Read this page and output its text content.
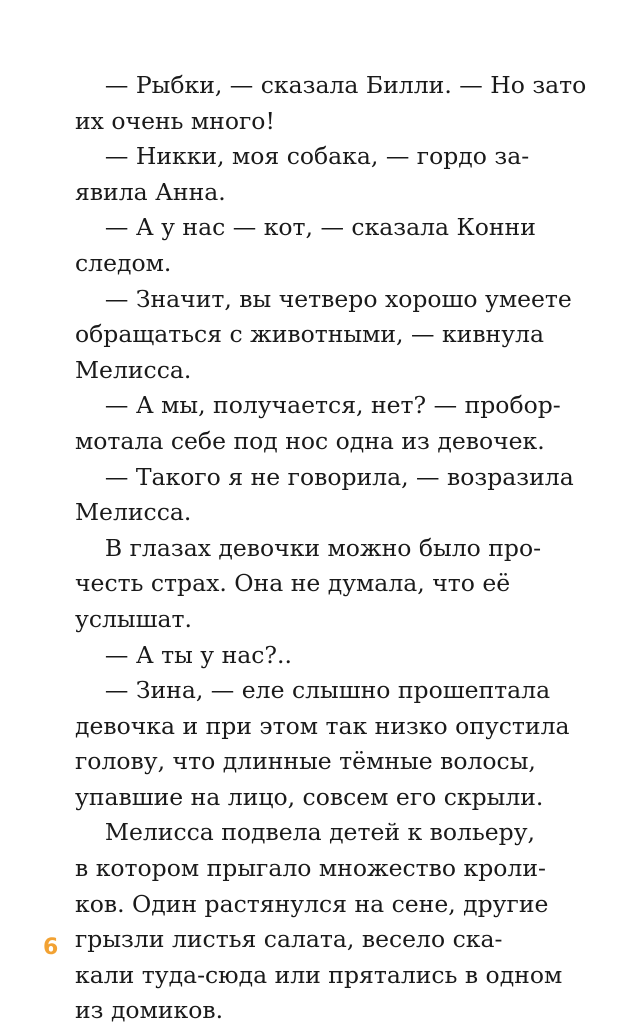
— Рыбки, — сказала Билли. — Но зато
их очень много!
— Никки, моя собака, — гордо за-
явила Анна.
— А у нас — кот, — сказала Конни
следом.
— Значит, вы четверо хорошо умеете
обращаться с животными, — кивнула
Мелисса.
— А мы, получается, нет? — пробор-
мотала себе под нос одна из девочек.
— Такого я не говорила, — возразила
Мелисса.
В глазах девочки можно было про-
честь страх. Она не думала, что её
услышат.
— А ты у нас?..
— Зина, — еле слышно прошептала
девочка и при этом так низко опустила
голову, что длинные тёмные волосы,
упавшие на лицо, совсем его скрыли.
Мелисса подвела детей к вольеру,
в котором прыгало множество кроли-
ков. Один растянулся на сене, другие
грызли листья салата, весело ска-
кали туда-сюда или прятались в одном
из домиков.
6
